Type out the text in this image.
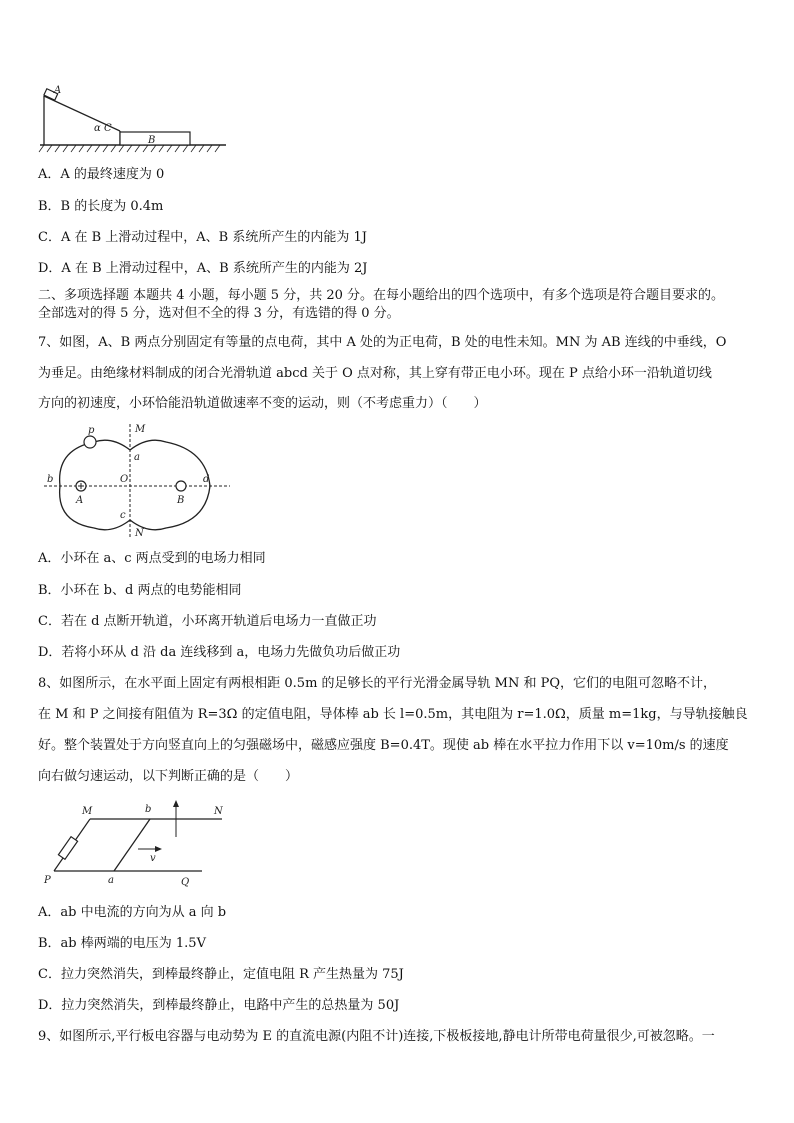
A
B
α C
A．A 的最终速度为 0
B．B 的长度为 0.4m
C．A 在 B 上滑动过程中，A、B 系统所产生的内能为 1J
D．A 在 B 上滑动过程中，A、B 系统所产生的内能为 2J
二、多项选择题 本题共 4 小题，每小题 5 分，共 20 分。在每小题给出的四个选项中，有多个选项是符合题目要求的。
全部选对的得 5 分，选对但不全的得 3 分，有选错的得 0 分。
7、如图，A、B 两点分别固定有等量的点电荷，其中 A 处的为正电荷，B 处的电性未知。MN 为 AB 连线的中垂线，O
为垂足。由绝缘材料制成的闭合光滑轨道 abcd 关于 O 点对称，其上穿有带正电小环。现在 P 点给小环一沿轨道切线
方向的初速度，小环恰能沿轨道做速率不变的运动，则（不考虑重力）（　　）
p	M
a
b	O	d
A	B
c
N
A．小环在 a、c 两点受到的电场力相同
B．小环在 b、d 两点的电势能相同
C．若在 d 点断开轨道，小环离开轨道后电场力一直做正功
D．若将小环从 d 沿 da 连线移到 a，电场力先做负功后做正功
8、如图所示，在水平面上固定有两根相距 0.5m 的足够长的平行光滑金属导轨 MN 和 PQ，它们的电阻可忽略不计，
在 M 和 P 之间接有阻值为 R=3Ω 的定值电阻，导体棒 ab 长 l=0.5m，其电阻为 r=1.0Ω，质量 m=1kg，与导轨接触良
好。整个装置处于方向竖直向上的匀强磁场中，磁感应强度 B=0.4T。现使 ab 棒在水平拉力作用下以 v=10m/s 的速度
向右做匀速运动，以下判断正确的是（　　）
M	b	N
v
P	a	Q
A．ab 中电流的方向为从 a 向 b
B．ab 棒两端的电压为 1.5V
C．拉力突然消失，到棒最终静止，定值电阻 R 产生热量为 75J
D．拉力突然消失，到棒最终静止，电路中产生的总热量为 50J
9、如图所示,平行板电容器与电动势为 E 的直流电源(内阻不计)连接,下极板接地,静电计所带电荷量很少,可被忽略。一
